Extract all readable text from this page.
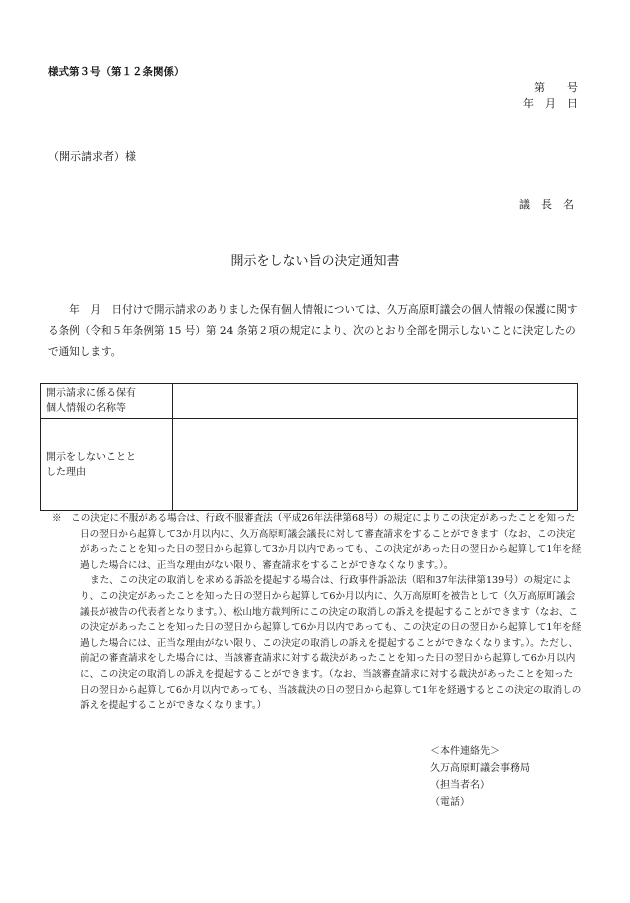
様式第３号（第１２条関係）
第　　号
年　月　日
（開示請求者）様
議　長　名
開示をしない旨の決定通知書
　　年　月　日付けで開示請求のありました保有個人情報については、久万高原町議会の個人情報の保護に関する条例（令和５年条例第 15 号）第 24 条第２項の規定により、次のとおり全部を開示しないことに決定したので通知します。
開示請求に係る保有
個人情報の名称等	

開示をしないことと
した理由	

※　この決定に不服がある場合は、行政不服審査法（平成26年法律第68号）の規定によりこの決定があったことを知った日の翌日から起算して3か月以内に、久万高原町議会議長に対して審査請求をすることができます（なお、この決定があったことを知った日の翌日から起算して3か月以内であっても、この決定があった日の翌日から起算して1年を経過した場合には、正当な理由がない限り、審査請求をすることができなくなります。）。

また、この決定の取消しを求める訴訟を提起する場合は、行政事件訴訟法（昭和37年法律第139号）の規定により、この決定があったことを知った日の翌日から起算して6か月以内に、久万高原町を被告として（久万高原町議会議長が被告の代表者となります。）、松山地方裁判所にこの決定の取消しの訴えを提起することができます（なお、この決定があったことを知った日の翌日から起算して6か月以内であっても、この決定の日の翌日から起算して1年を経過した場合には、正当な理由がない限り、この決定の取消しの訴えを提起することができなくなります。）。ただし、前記の審査請求をした場合には、当該審査請求に対する裁決があったことを知った日の翌日から起算して6か月以内に、この決定の取消しの訴えを提起することができます。（なお、当該審査請求に対する裁決があったことを知った日の翌日から起算して6か月以内であっても、当該裁決の日の翌日から起算して1年を経過するとこの決定の取消しの訴えを提起することができなくなります。）

＜本件連絡先＞
久万高原町議会事務局
（担当者名）
（電話）
